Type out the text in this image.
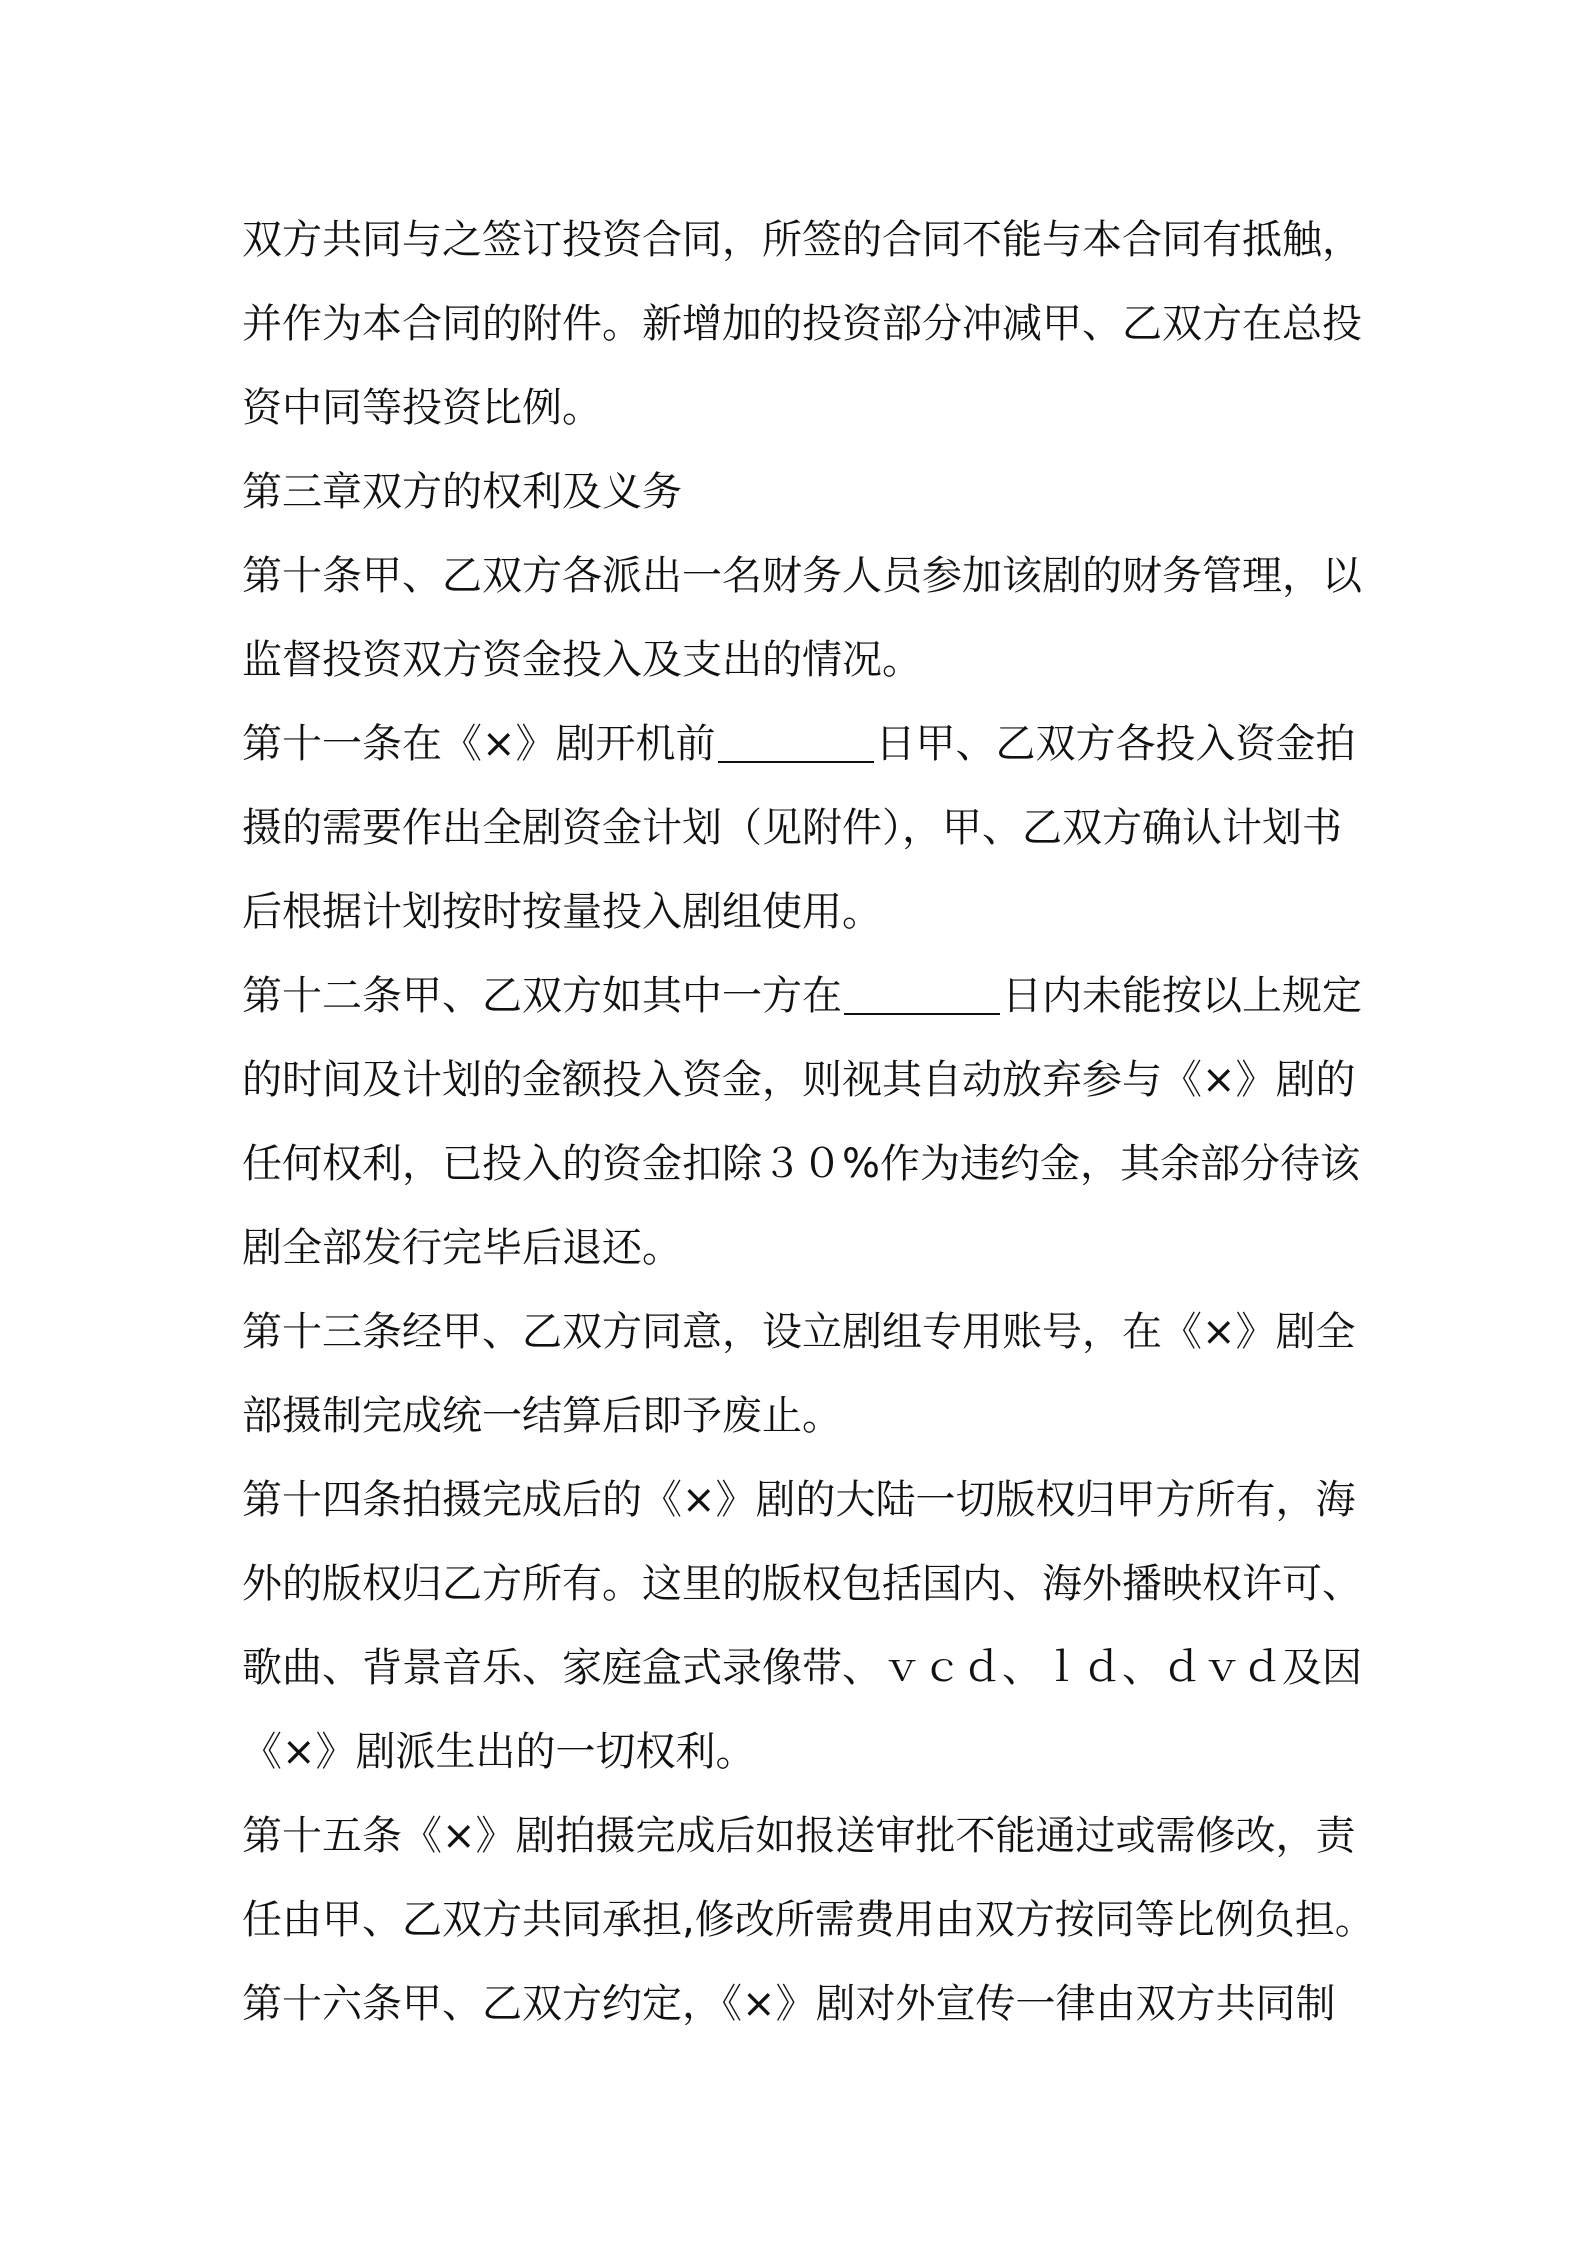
双方共同与之签订投资合同，所签的合同不能与本合同有抵触，
并作为本合同的附件。新增加的投资部分冲减甲、乙双方在总投
资中同等投资比例。
第三章双方的权利及义务
第十条甲、乙双方各派出一名财务人员参加该剧的财务管理，以
监督投资双方资金投入及支出的情况。
第十一条在《×》剧开机前	日甲、乙双方各投入资金拍
摄的需要作出全剧资金计划（见附件），甲、乙双方确认计划书
后根据计划按时按量投入剧组使用。
第十二条甲、乙双方如其中一方在	日内未能按以上规定
的时间及计划的金额投入资金，则视其自动放弃参与《×》剧的
任何权利，已投入的资金扣除３０%作为违约金，其余部分待该
剧全部发行完毕后退还。
第十三条经甲、乙双方同意，设立剧组专用账号，在《×》剧全
部摄制完成统一结算后即予废止。
第十四条拍摄完成后的《×》剧的大陆一切版权归甲方所有，海
外的版权归乙方所有。这里的版权包括国内、海外播映权许可、
歌曲、背景音乐、家庭盒式录像带、ｖｃｄ、ｌｄ、ｄｖｄ及因
《×》剧派生出的一切权利。
第十五条《×》剧拍摄完成后如报送审批不能通过或需修改，责
任由甲、乙双方共同承担,修改所需费用由双方按同等比例负担。
第十六条甲、乙双方约定，《×》剧对外宣传一律由双方共同制
